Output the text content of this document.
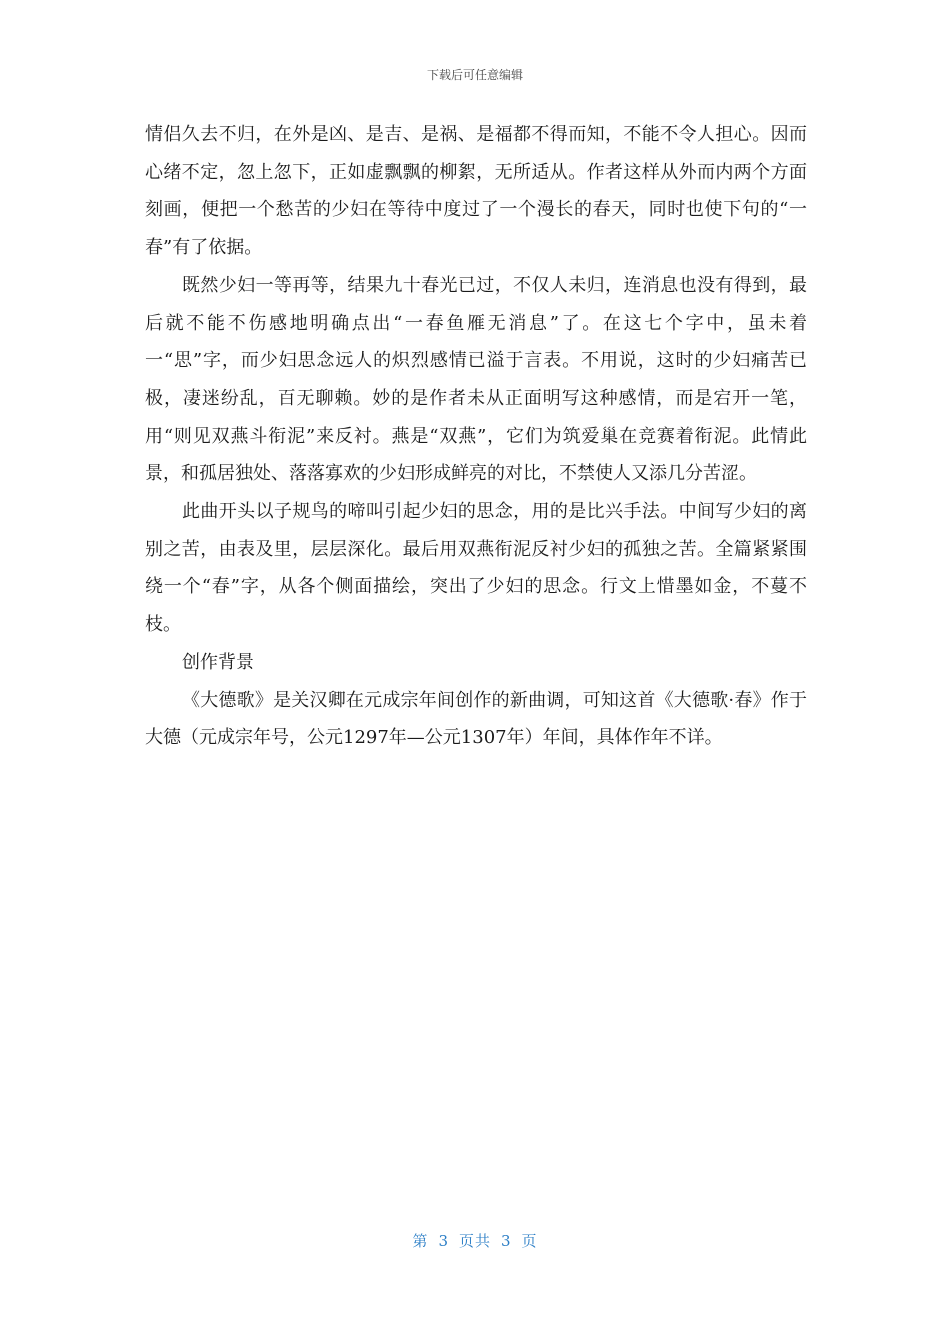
下载后可任意编辑

情侣久去不归，在外是凶、是吉、是祸、是福都不得而知，不能不令人担心。因而心绪不定，忽上忽下，正如虚飘飘的柳絮，无所适从。作者这样从外而内两个方面刻画，便把一个愁苦的少妇在等待中度过了一个漫长的春天，同时也使下句的“一春”有了依据。

既然少妇一等再等，结果九十春光已过，不仅人未归，连消息也没有得到，最后就不能不伤感地明确点出“一春鱼雁无消息”了。在这七个字中，虽未着一“思”字，而少妇思念远人的炽烈感情已溢于言表。不用说，这时的少妇痛苦已极，凄迷纷乱，百无聊赖。妙的是作者未从正面明写这种感情，而是宕开一笔，用“则见双燕斗衔泥”来反衬。燕是“双燕”，它们为筑爱巢在竞赛着衔泥。此情此景，和孤居独处、落落寡欢的少妇形成鲜亮的对比，不禁使人又添几分苦涩。

此曲开头以子规鸟的啼叫引起少妇的思念，用的是比兴手法。中间写少妇的离别之苦，由表及里，层层深化。最后用双燕衔泥反衬少妇的孤独之苦。全篇紧紧围绕一个“春”字，从各个侧面描绘，突出了少妇的思念。行文上惜墨如金，不蔓不枝。

创作背景

《大德歌》是关汉卿在元成宗年间创作的新曲调，可知这首《大德歌·春》作于大德（元成宗年号，公元1297年—公元1307年）年间，具体作年不详。

第 3 页共 3 页
